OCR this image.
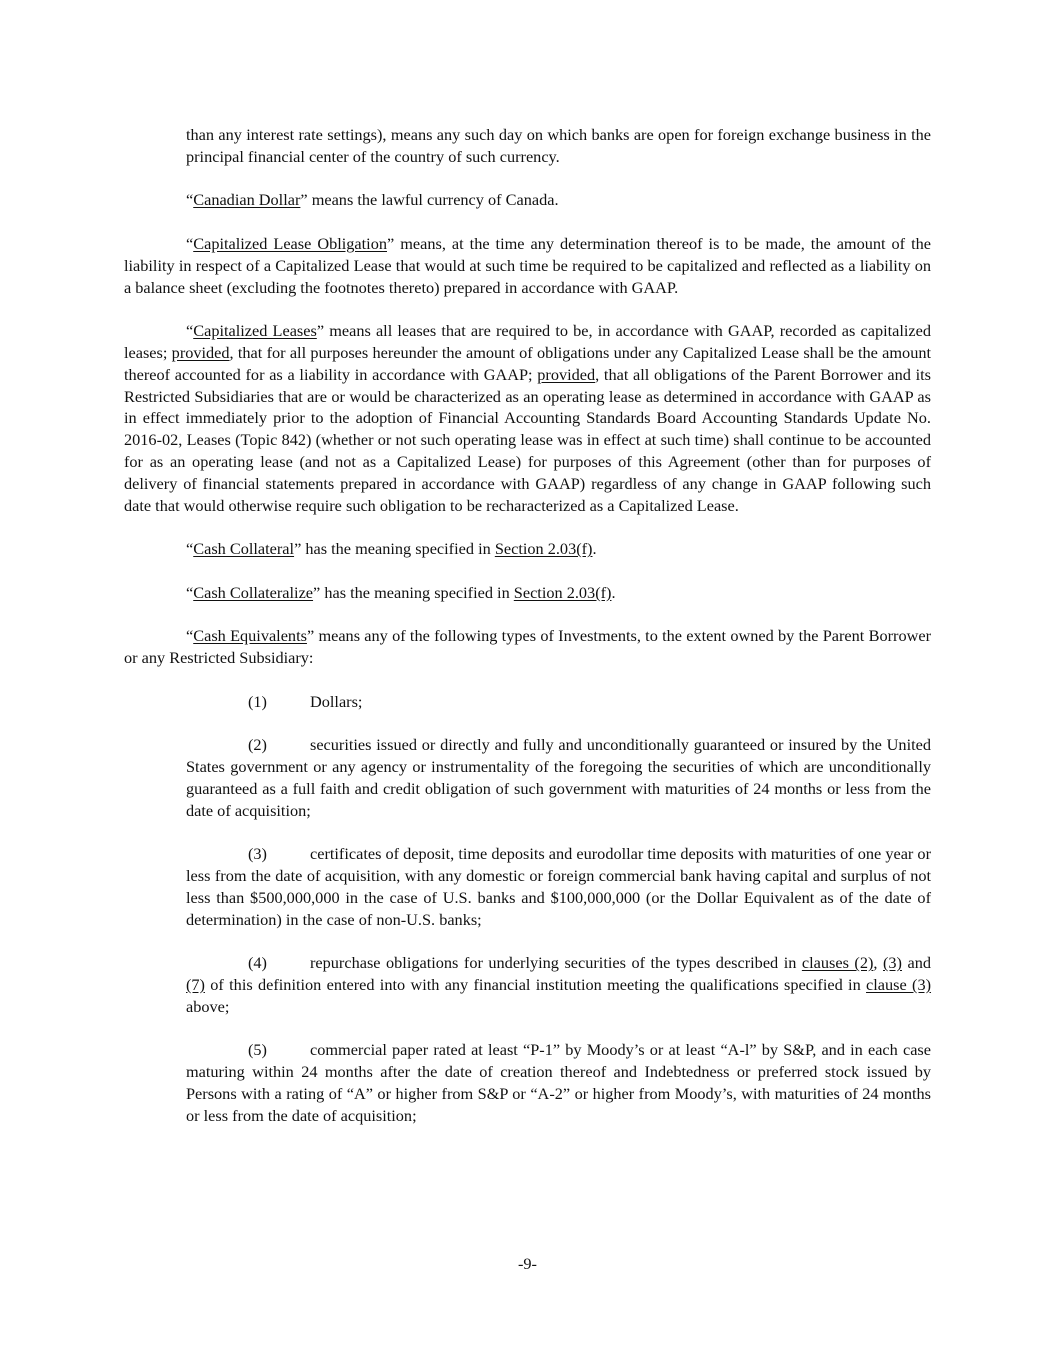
than any interest rate settings), means any such day on which banks are open for foreign exchange business in the principal financial center of the country of such currency.

“Canadian Dollar” means the lawful currency of Canada.

“Capitalized Lease Obligation” means, at the time any determination thereof is to be made, the amount of the liability in respect of a Capitalized Lease that would at such time be required to be capitalized and reflected as a liability on a balance sheet (excluding the footnotes thereto) prepared in accordance with GAAP.

“Capitalized Leases” means all leases that are required to be, in accordance with GAAP, recorded as capitalized leases; provided, that for all purposes hereunder the amount of obligations under any Capitalized Lease shall be the amount thereof accounted for as a liability in accordance with GAAP; provided, that all obligations of the Parent Borrower and its Restricted Subsidiaries that are or would be characterized as an operating lease as determined in accordance with GAAP as in effect immediately prior to the adoption of Financial Accounting Standards Board Accounting Standards Update No. 2016-02, Leases (Topic 842) (whether or not such operating lease was in effect at such time) shall continue to be accounted for as an operating lease (and not as a Capitalized Lease) for purposes of this Agreement (other than for purposes of delivery of financial statements prepared in accordance with GAAP) regardless of any change in GAAP following such date that would otherwise require such obligation to be recharacterized as a Capitalized Lease.

“Cash Collateral” has the meaning specified in Section 2.03(f).

“Cash Collateralize” has the meaning specified in Section 2.03(f).

“Cash Equivalents” means any of the following types of Investments, to the extent owned by the Parent Borrower or any Restricted Subsidiary:

(1)	Dollars;

(2)	securities issued or directly and fully and unconditionally guaranteed or insured by the United States government or any agency or instrumentality of the foregoing the securities of which are unconditionally guaranteed as a full faith and credit obligation of such government with maturities of 24 months or less from the date of acquisition;

(3)	certificates of deposit, time deposits and eurodollar time deposits with maturities of one year or less from the date of acquisition, with any domestic or foreign commercial bank having capital and surplus of not less than $500,000,000 in the case of U.S. banks and $100,000,000 (or the Dollar Equivalent as of the date of determination) in the case of non-U.S. banks;

(4)	repurchase obligations for underlying securities of the types described in clauses (2), (3) and (7) of this definition entered into with any financial institution meeting the qualifications specified in clause (3) above;

(5)	commercial paper rated at least “P-1” by Moody’s or at least “A-l” by S&P, and in each case maturing within 24 months after the date of creation thereof and Indebtedness or preferred stock issued by Persons with a rating of “A” or higher from S&P or “A-2” or higher from Moody’s, with maturities of 24 months or less from the date of acquisition;

-9-
